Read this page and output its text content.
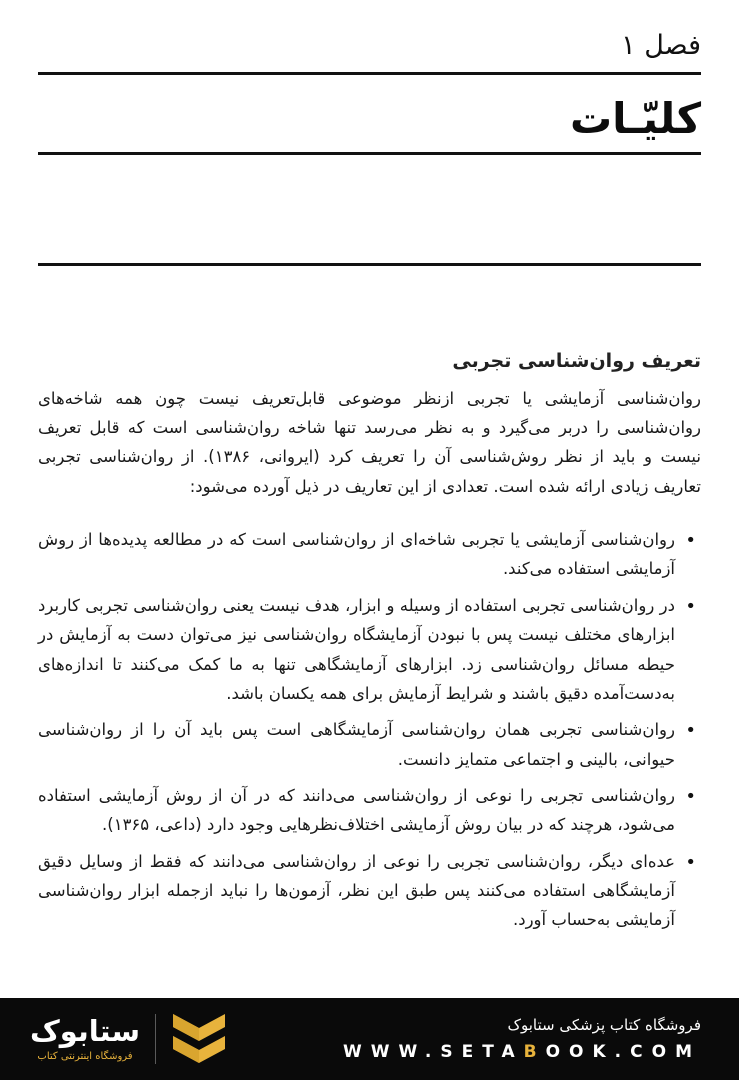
فصل ۱
کلیّـات
تعریف روان‌شناسی تجربی

روان‌شناسی آزمایشی یا تجربی ازنظر موضوعی قابل‌تعریف نیست چون همه شاخه‌های روان‌شناسی را دربر می‌گیرد و به نظر می‌رسد تنها شاخه روان‌شناسی است که قابل تعریف نیست و باید از نظر روش‌شناسی آن را تعریف کرد (ایروانی، ۱۳۸۶). از روان‌شناسی تجربی تعاریف زیادی ارائه شده است. تعدادی از این تعاریف در ذیل آورده می‌شود:

• روان‌شناسی آزمایشی یا تجربی شاخه‌ای از روان‌شناسی است که در مطالعه پدیده‌ها از روش آزمایشی استفاده می‌کند.
• در روان‌شناسی تجربی استفاده از وسیله و ابزار، هدف نیست یعنی روان‌شناسی تجربی کاربرد ابزارهای مختلف نیست پس با نبودن آزمایشگاه روان‌شناسی نیز می‌توان دست به آزمایش در حیطه مسائل روان‌شناسی زد. ابزارهای آزمایشگاهی تنها به ما کمک می‌کنند تا اندازه‌های به‌دست‌آمده دقیق باشند و شرایط آزمایش برای همه یکسان باشد.
• روان‌شناسی تجربی همان روان‌شناسی آزمایشگاهی است پس باید آن را از روان‌شناسی حیوانی، بالینی و اجتماعی متمایز دانست.
• روان‌شناسی تجربی را نوعی از روان‌شناسی می‌دانند که در آن از روش آزمایشی استفاده می‌شود، هرچند که در بیان روش آزمایشی اختلاف‌نظرهایی وجود دارد (داعی، ۱۳۶۵).
• عده‌ای دیگر، روان‌شناسی تجربی را نوعی از روان‌شناسی می‌دانند که فقط از وسایل دقیق آزمایشگاهی استفاده می‌کنند پس طبق این نظر، آزمون‌ها را نباید ازجمله ابزار روان‌شناسی آزمایشی به‌حساب آورد.
ستابوک
فروشگاه اینترنتی کتاب
فروشگاه کتاب پزشکی ستابوک
WWW.SETABOOK.COM
